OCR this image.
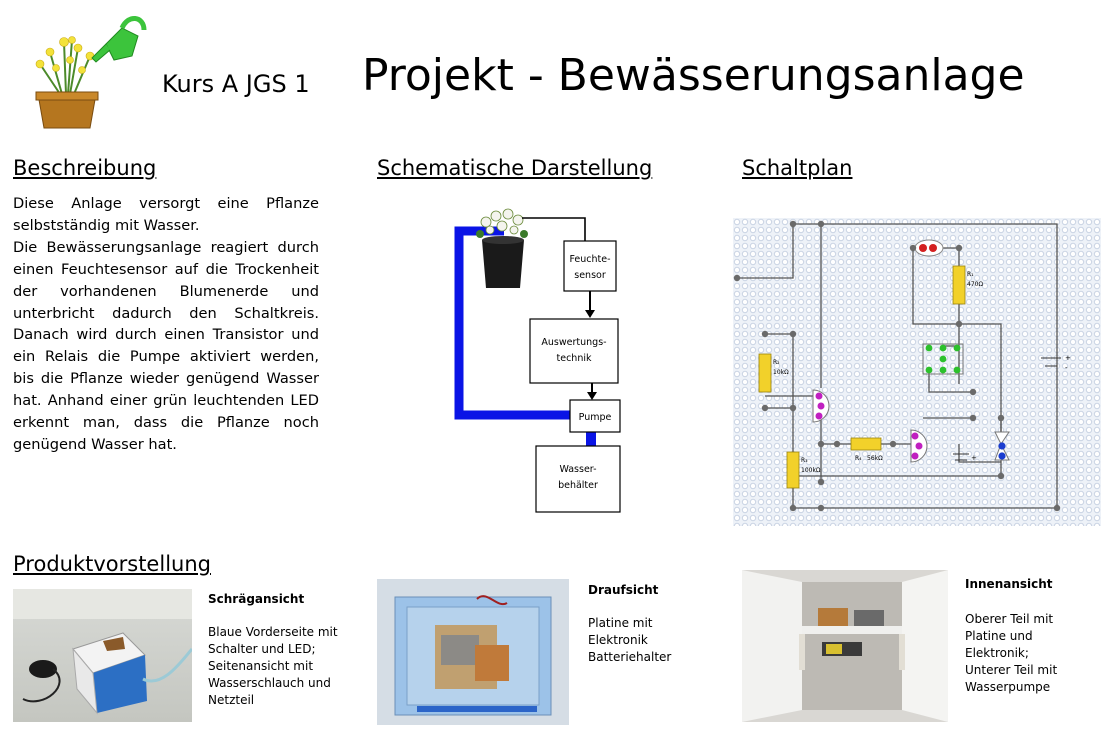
Kurs A JGS 1 Projekt - Bewässerungsanlage
Beschreibung

Diese Anlage versorgt eine Pflanze selbstständig mit Wasser.

Die Bewässerungsanlage reagiert durch einen Feuchtesensor auf die Trockenheit der vorhandenen Blumenerde und unterbricht dadurch den Schaltkreis. Danach wird durch einen Transistor und ein Relais die Pumpe aktiviert werden, bis die Pflanze wieder genügend Wasser hat. Anhand einer grün leuchtenden LED erkennt man, dass die Pflanze noch genügend Wasser hat.

Schematische Darstellung
Feuchte-
sensor
Auswertungs-
technik
Pumpe
Wasser-
behälter
Schaltplan
R₁
470Ω
R₂
10kΩ
R₃
100kΩ
R₄ 56kΩ
+
-
+
Produktvorstellung
Schrägansicht
Blaue Vorderseite mit
Schalter und LED;
Seitenansicht mit
Wasserschlauch und
Netzteil
Draufsicht
Platine mit
Elektronik
Batteriehalter
Innenansicht
Oberer Teil mit
Platine und
Elektronik;
Unterer Teil mit
Wasserpumpe
